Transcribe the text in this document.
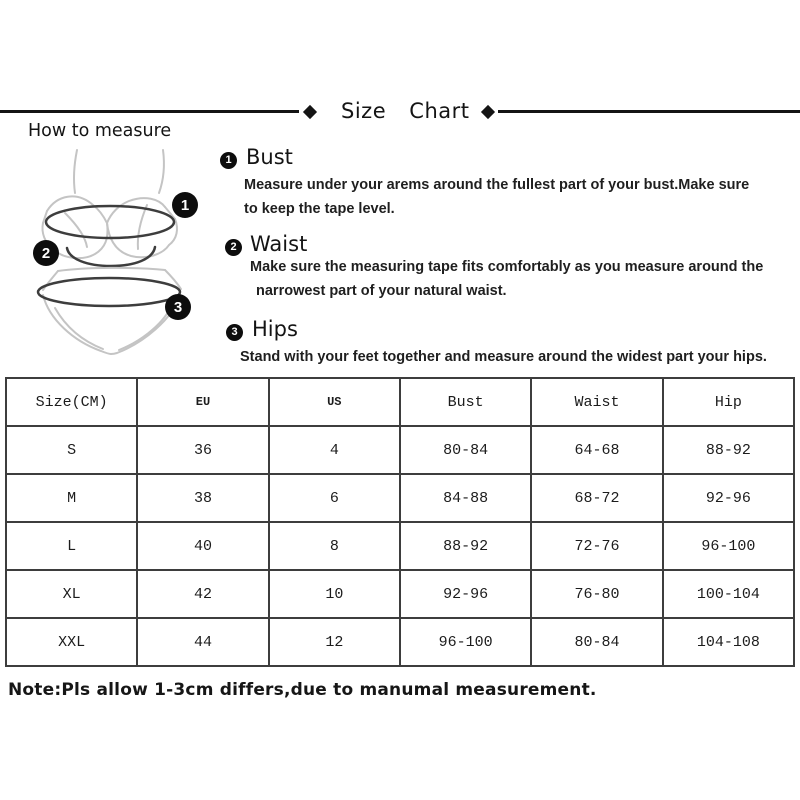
Size Chart
How to measure
1
2
3
1 Bust
Measure under your arems around the fullest part of your bust.Make sure
to keep the tape level.
2 Waist
Make sure the measuring tape fits comfortably as you measure around the
narrowest part of your natural waist.
3 Hips
Stand with your feet together and measure around the widest part your hips.
Size(CM)	EU	US	Bust	Waist	Hip
S	36	4	80-84	64-68	88-92
M	38	6	84-88	68-72	92-96
L	40	8	88-92	72-76	96-100
XL	42	10	92-96	76-80	100-104
XXL	44	12	96-100	80-84	104-108
Note:Pls allow 1-3cm differs,due to manumal measurement.
